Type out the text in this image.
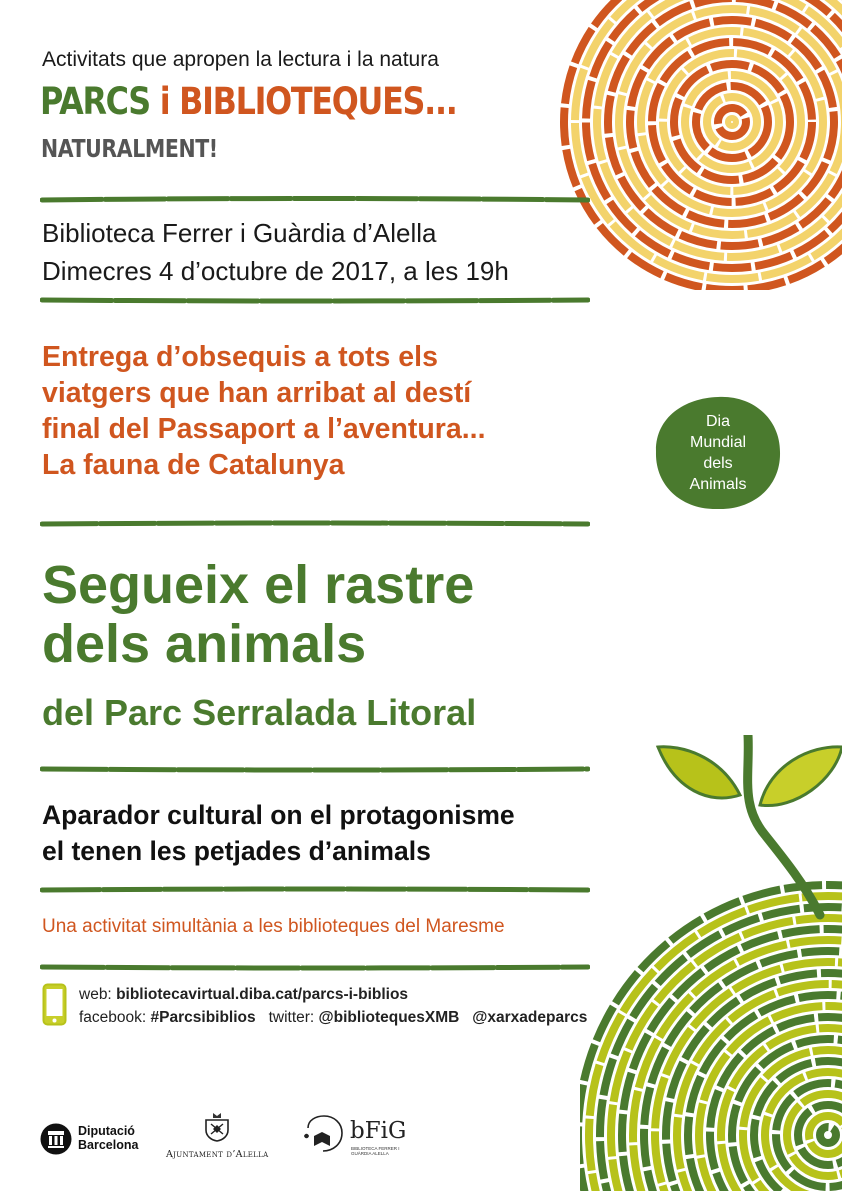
Activitats que apropen la lectura i la natura
PARCS i BIBLIOTEQUES...
NATURALMENT!
Biblioteca Ferrer i Guàrdia d’Alella
Dimecres 4 d’octubre de 2017, a les 19h
Entrega d’obsequis a tots els
viatgers que han arribat al destí
final del Passaport a l’aventura...
La fauna de Catalunya
Dia
Mundial
dels
Animals
Segueix el rastre
dels animals
del Parc Serralada Litoral
Aparador cultural on el protagonisme
el tenen les petjades d’animals
Una activitat simultània a les biblioteques del Maresme
web: bibliotecavirtual.diba.cat/parcs-i-biblios
facebook: #Parcsibiblios twitter: @bibliotequesXMB @xarxadeparcs
Diputació
Barcelona
Ajuntament d’Alella
bFiG
BIBLIOTECA FERRER I GUÀRDIA ALELLA
